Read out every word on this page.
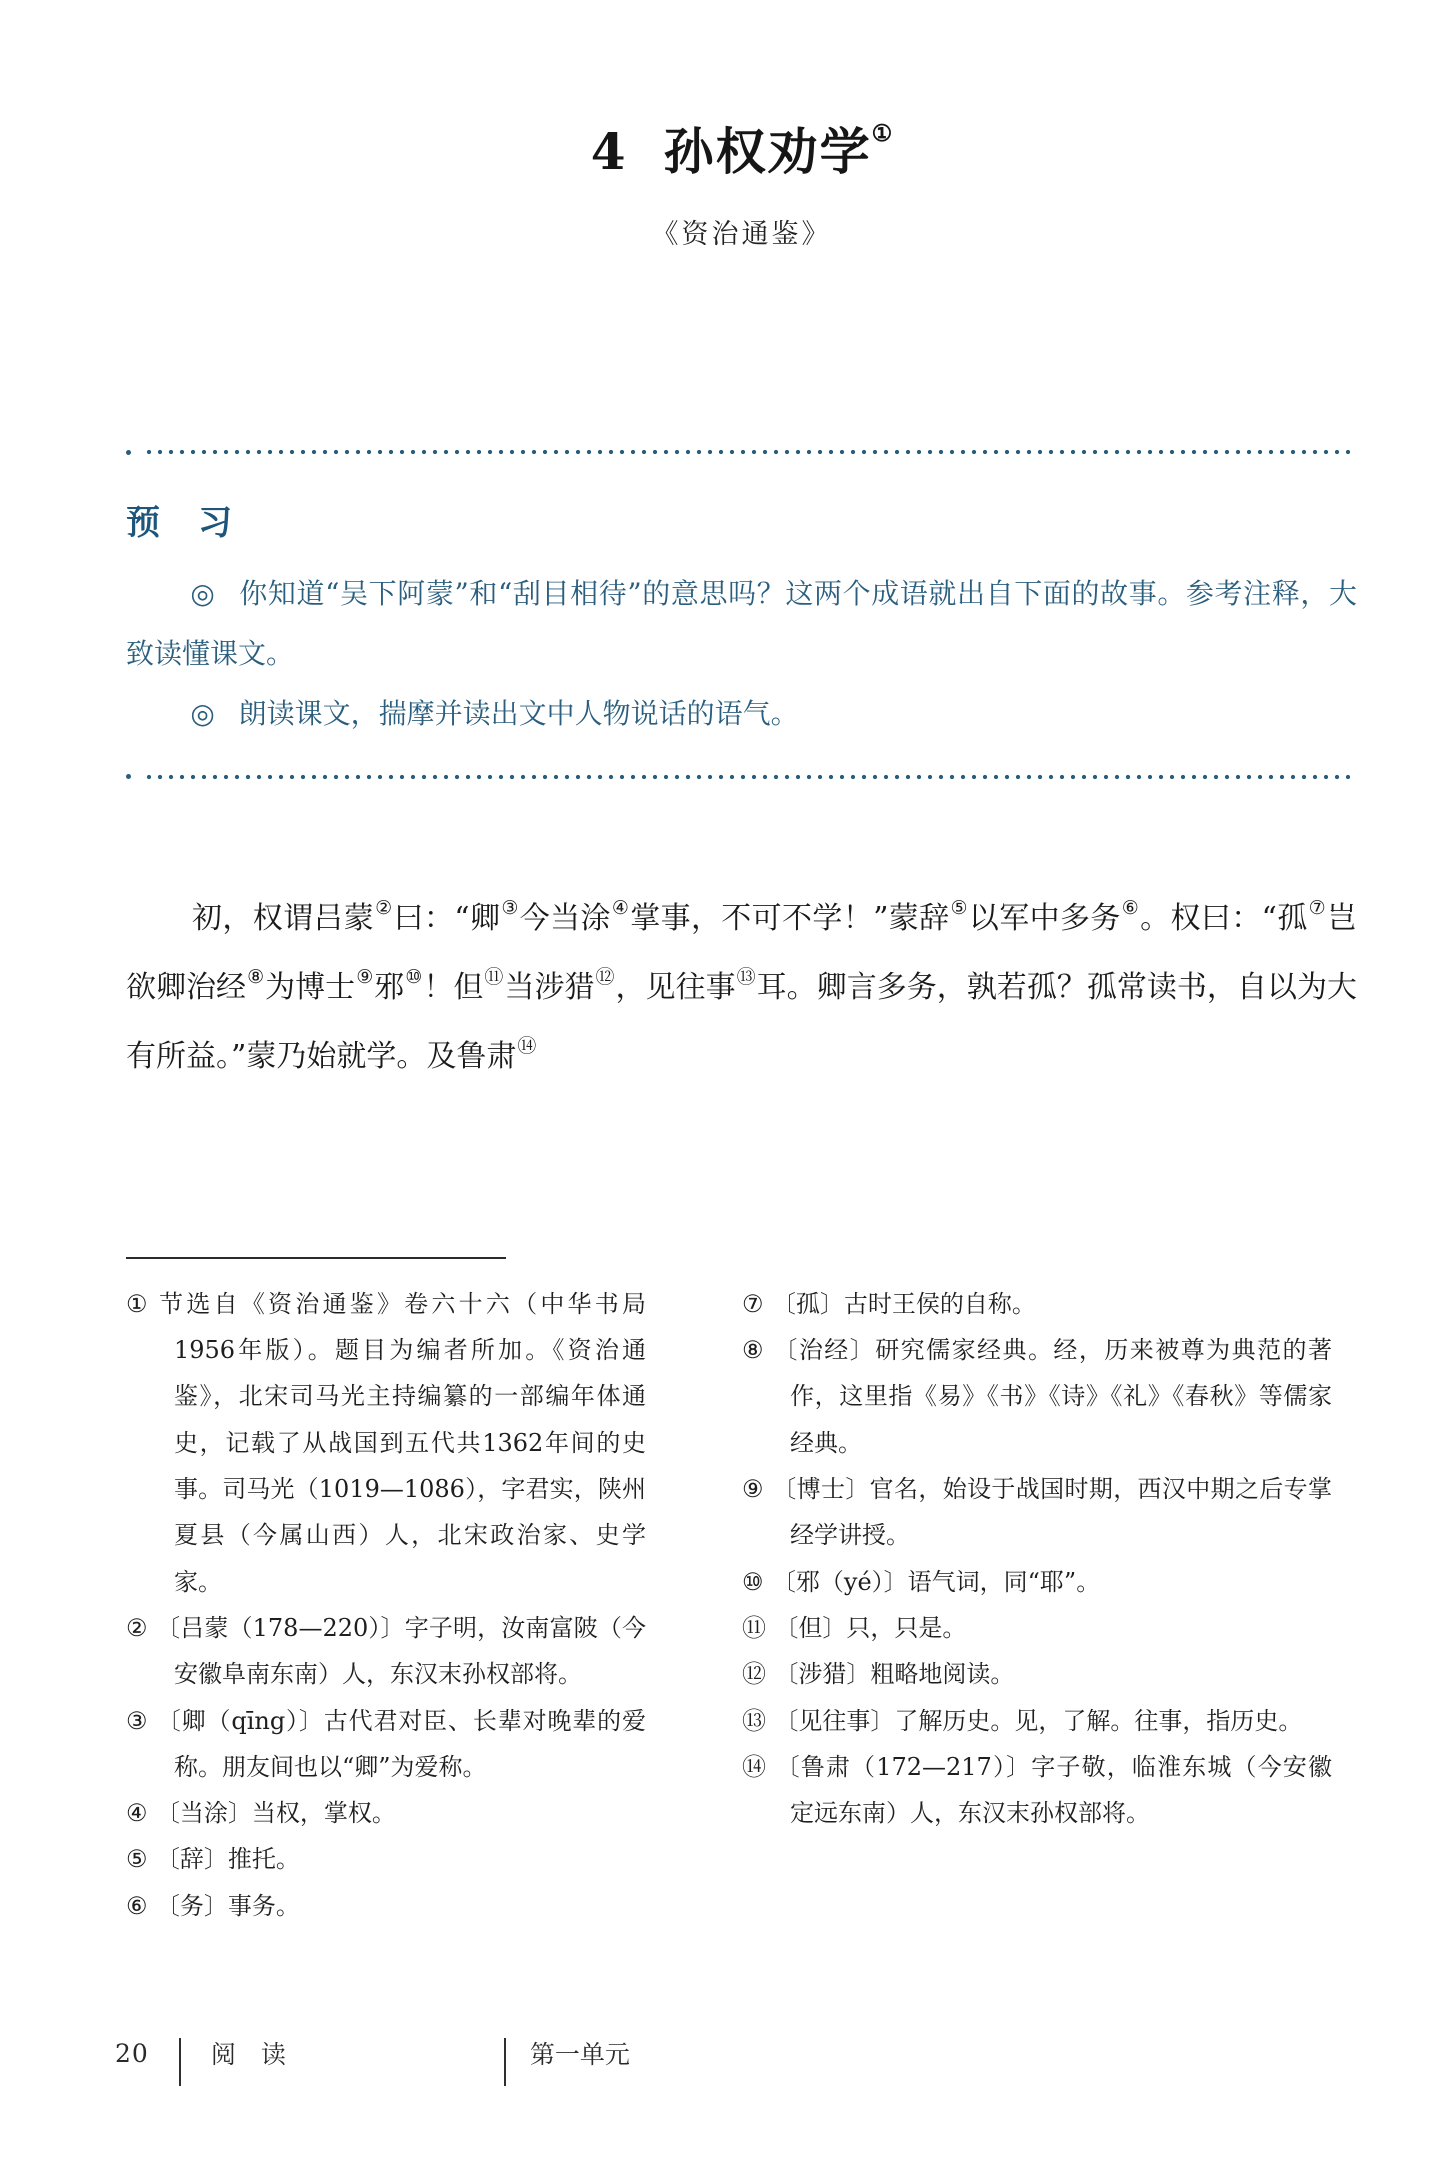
4 孙权劝学①
《资治通鉴》
预　习

◎ 你知道“吴下阿蒙”和“刮目相待”的意思吗？这两个成语就出自下面的故事。参考注释，大致读懂课文。

◎ 朗读课文，揣摩并读出文中人物说话的语气。

初，权谓吕蒙②曰：“卿③今当涂④掌事，不可不学！”蒙辞⑤以军中多务⑥。权曰：“孤⑦岂欲卿治经⑧为博士⑨邪⑩！但⑪当涉猎⑫，见往事⑬耳。卿言多务，孰若孤？孤常读书，自以为大有所益。”蒙乃始就学。及鲁肃⑭

① 节选自《资治通鉴》卷六十六（中华书局1956年版）。题目为编者所加。《资治通鉴》，北宋司马光主持编纂的一部编年体通史，记载了从战国到五代共1362年间的史事。司马光（1019—1086），字君实，陕州夏县（今属山西）人，北宋政治家、史学家。
② 〔吕蒙（178—220）〕字子明，汝南富陂（今安徽阜南东南）人，东汉末孙权部将。
③ 〔卿（qīng）〕古代君对臣、长辈对晚辈的爱称。朋友间也以“卿”为爱称。
④ 〔当涂〕当权，掌权。
⑤ 〔辞〕推托。
⑥ 〔务〕事务。
⑦ 〔孤〕古时王侯的自称。
⑧ 〔治经〕研究儒家经典。经，历来被尊为典范的著作，这里指《易》《书》《诗》《礼》《春秋》等儒家经典。
⑨ 〔博士〕官名，始设于战国时期，西汉中期之后专掌经学讲授。
⑩ 〔邪（yé）〕语气词，同“耶”。
⑪ 〔但〕只，只是。
⑫ 〔涉猎〕粗略地阅读。
⑬ 〔见往事〕了解历史。见，了解。往事，指历史。
⑭ 〔鲁肃（172—217）〕字子敬，临淮东城（今安徽定远东南）人，东汉末孙权部将。
20 阅　读	第一单元
